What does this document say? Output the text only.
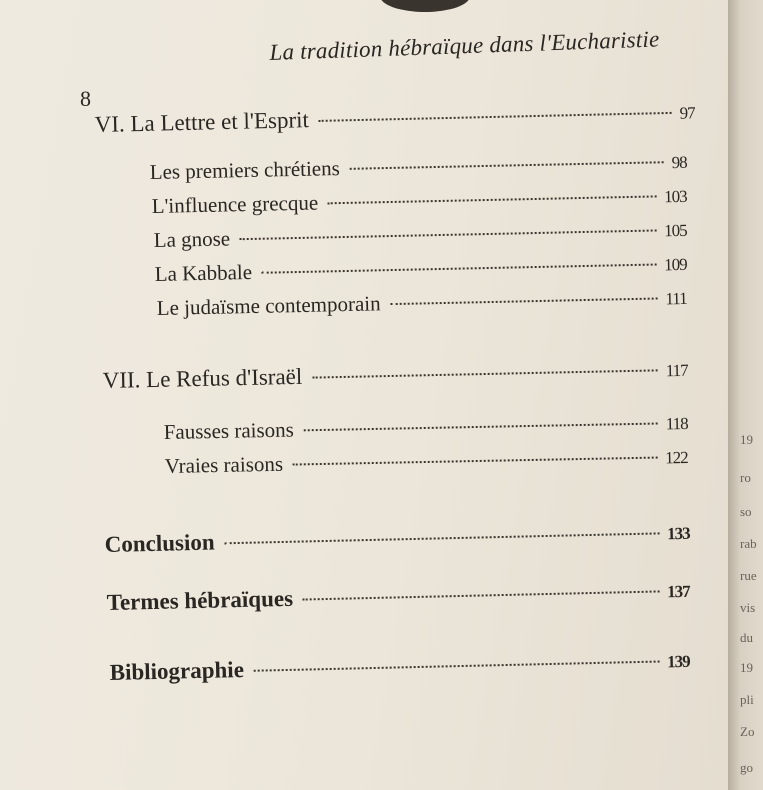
La tradition hébraïque dans l'Eucharistie
8
VI. La Lettre et l'Esprit	97
Les premiers chrétiens	98
L'influence grecque	103
La gnose	105
La Kabbale	109
Le judaïsme contemporain	111
VII. Le Refus d'Israël	117
Fausses raisons	118
Vraies raisons	122
Conclusion	133
Termes hébraïques	137
Bibliographie	139
19
ro
so
rab
rue
vis
du
19
pli
Zo
go
